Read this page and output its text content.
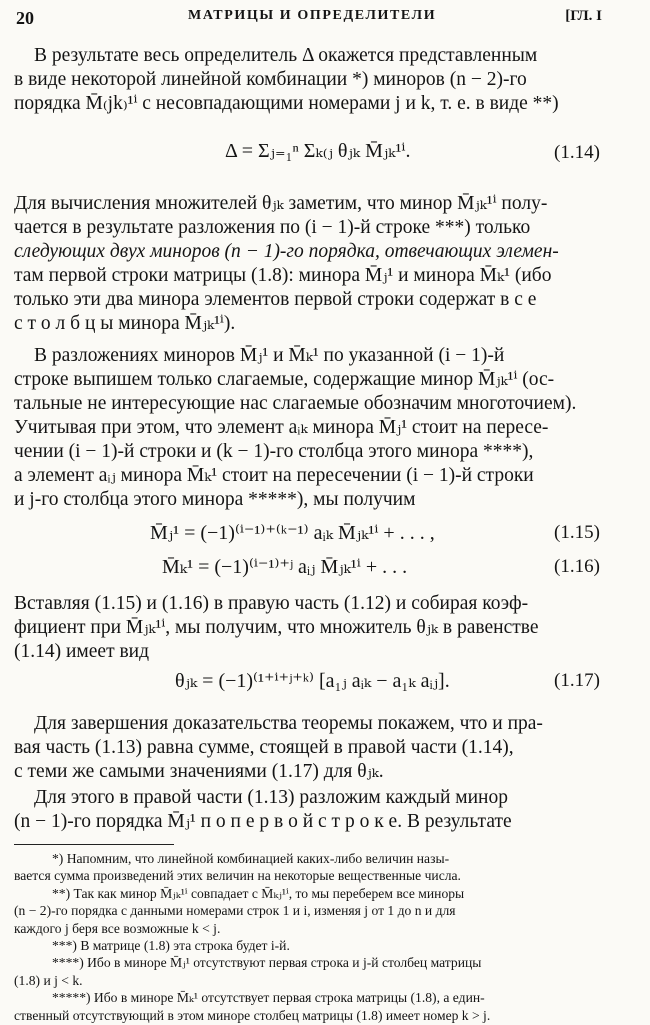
20	МАТРИЦЫ И ОПРЕДЕЛИТЕЛИ	[ГЛ. I
В результате весь определитель Δ окажется представленным
в виде некоторой линейной комбинации *) миноров (n − 2)-го
порядка M̄₍jk₎¹ⁱ с несовпадающими номерами j и k, т. е. в виде **)
Δ = Σⱼ₌₁ⁿ Σₖ₍ⱼ θⱼₖ M̄ⱼₖ¹ⁱ.	(1.14)
Для вычисления множителей θⱼₖ заметим, что минор M̄ⱼₖ¹ⁱ полу-
чается в результате разложения по (i − 1)-й строке ***) только
следующих двух миноров (n − 1)-го порядка, отвечающих элемен-
там первой строки матрицы (1.8): минора M̄ⱼ¹ и минора M̄ₖ¹ (ибо
только эти два минора элементов первой строки содержат в с е
с т о л б ц ы минора M̄ⱼₖ¹ⁱ).
В разложениях миноров M̄ⱼ¹ и M̄ₖ¹ по указанной (i − 1)-й
строке выпишем только слагаемые, содержащие минор M̄ⱼₖ¹ⁱ (ос-
тальные не интересующие нас слагаемые обозначим многоточием).
Учитывая при этом, что элемент aᵢₖ минора M̄ⱼ¹ стоит на пересе-
чении (i − 1)-й строки и (k − 1)-го столбца этого минора ****),
а элемент aᵢⱼ минора M̄ₖ¹ стоит на пересечении (i − 1)-й строки
и j-го столбца этого минора *****), мы получим
M̄ⱼ¹ = (−1)⁽ⁱ⁻¹⁾⁺⁽ᵏ⁻¹⁾ aᵢₖ M̄ⱼₖ¹ⁱ + . . . ,	(1.15)
M̄ₖ¹ = (−1)⁽ⁱ⁻¹⁾⁺ʲ aᵢⱼ M̄ⱼₖ¹ⁱ + . . .	(1.16)
Вставляя (1.15) и (1.16) в правую часть (1.12) и собирая коэф-
фициент при M̄ⱼₖ¹ⁱ, мы получим, что множитель θⱼₖ в равенстве
(1.14) имеет вид
θⱼₖ = (−1)⁽¹⁺ⁱ⁺ʲ⁺ᵏ⁾ [a₁ⱼ aᵢₖ − a₁ₖ aᵢⱼ].	(1.17)
Для завершения доказательства теоремы покажем, что и пра-
вая часть (1.13) равна сумме, стоящей в правой части (1.14),
с теми же самыми значениями (1.17) для θⱼₖ.
Для этого в правой части (1.13) разложим каждый минор
(n − 1)-го порядка M̄ⱼ¹ п о п е р в о й с т р о к е. В результате
*) Напомним, что линейной комбинацией каких-либо величин назы-
вается сумма произведений этих величин на некоторые вещественные числа.
**) Так как минор M̄ⱼₖ¹ⁱ совпадает с M̄ₖⱼ¹ⁱ, то мы переберем все миноры
(n − 2)-го порядка с данными номерами строк 1 и i, изменяя j от 1 до n и для
каждого j беря все возможные k < j.
***) В матрице (1.8) эта строка будет i-й.
****) Ибо в миноре M̄ⱼ¹ отсутствуют первая строка и j-й столбец матрицы
(1.8) и j < k.
*****) Ибо в миноре M̄ₖ¹ отсутствует первая строка матрицы (1.8), а един-
ственный отсутствующий в этом миноре столбец матрицы (1.8) имеет номер k > j.
